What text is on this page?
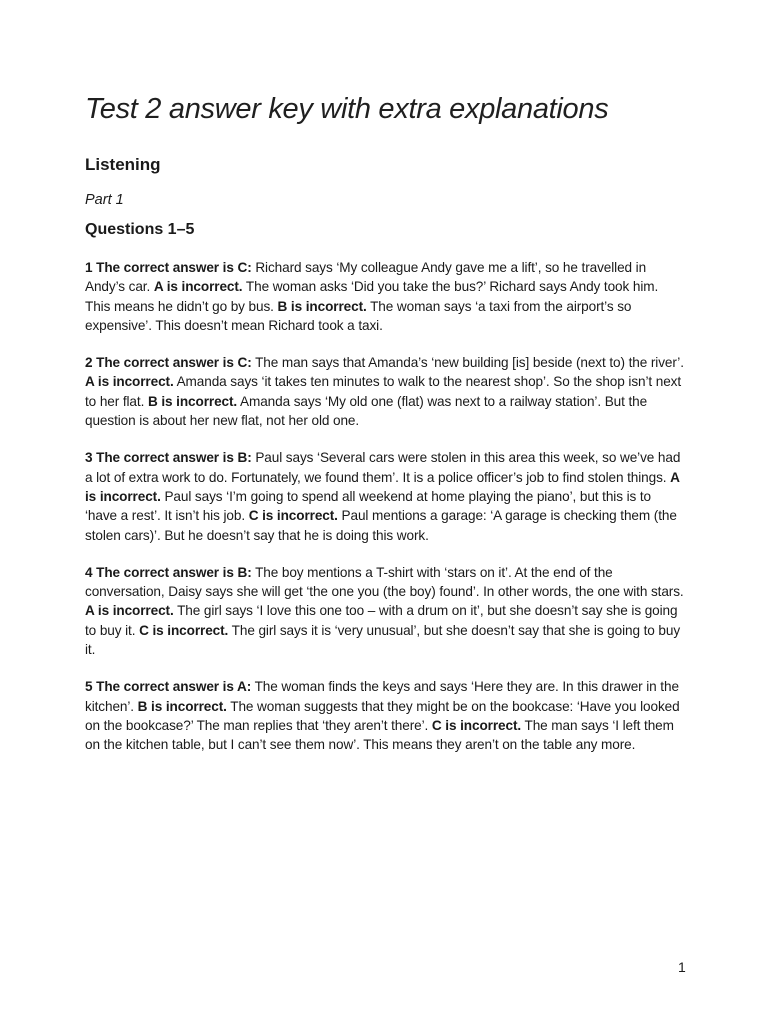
Test 2 answer key with extra explanations
Listening
Part 1
Questions 1–5

1 The correct answer is C: Richard says ‘My colleague Andy gave me a lift’, so he travelled in Andy’s car. A is incorrect. The woman asks ‘Did you take the bus?’ Richard says Andy took him. This means he didn’t go by bus. B is incorrect. The woman says ‘a taxi from the airport’s so expensive’. This doesn’t mean Richard took a taxi.

2 The correct answer is C: The man says that Amanda’s ‘new building [is] beside (next to) the river’. A is incorrect. Amanda says ‘it takes ten minutes to walk to the nearest shop’. So the shop isn’t next to her flat. B is incorrect. Amanda says ‘My old one (flat) was next to a railway station’. But the question is about her new flat, not her old one.

3 The correct answer is B: Paul says ‘Several cars were stolen in this area this week, so we’ve had a lot of extra work to do. Fortunately, we found them’. It is a police officer’s job to find stolen things. A is incorrect. Paul says ‘I’m going to spend all weekend at home playing the piano’, but this is to ‘have a rest’. It isn’t his job. C is incorrect. Paul mentions a garage: ‘A garage is checking them (the stolen cars)’. But he doesn’t say that he is doing this work.

4 The correct answer is B: The boy mentions a T-shirt with ‘stars on it’. At the end of the conversation, Daisy says she will get ‘the one you (the boy) found’. In other words, the one with stars. A is incorrect. The girl says ‘I love this one too – with a drum on it’, but she doesn’t say she is going to buy it. C is incorrect. The girl says it is ‘very unusual’, but she doesn’t say that she is going to buy it.

5 The correct answer is A: The woman finds the keys and says ‘Here they are. In this drawer in the kitchen’. B is incorrect. The woman suggests that they might be on the bookcase: ‘Have you looked on the bookcase?’ The man replies that ‘they aren’t there’. C is incorrect. The man says ‘I left them on the kitchen table, but I can’t see them now’. This means they aren’t on the table any more.

1
